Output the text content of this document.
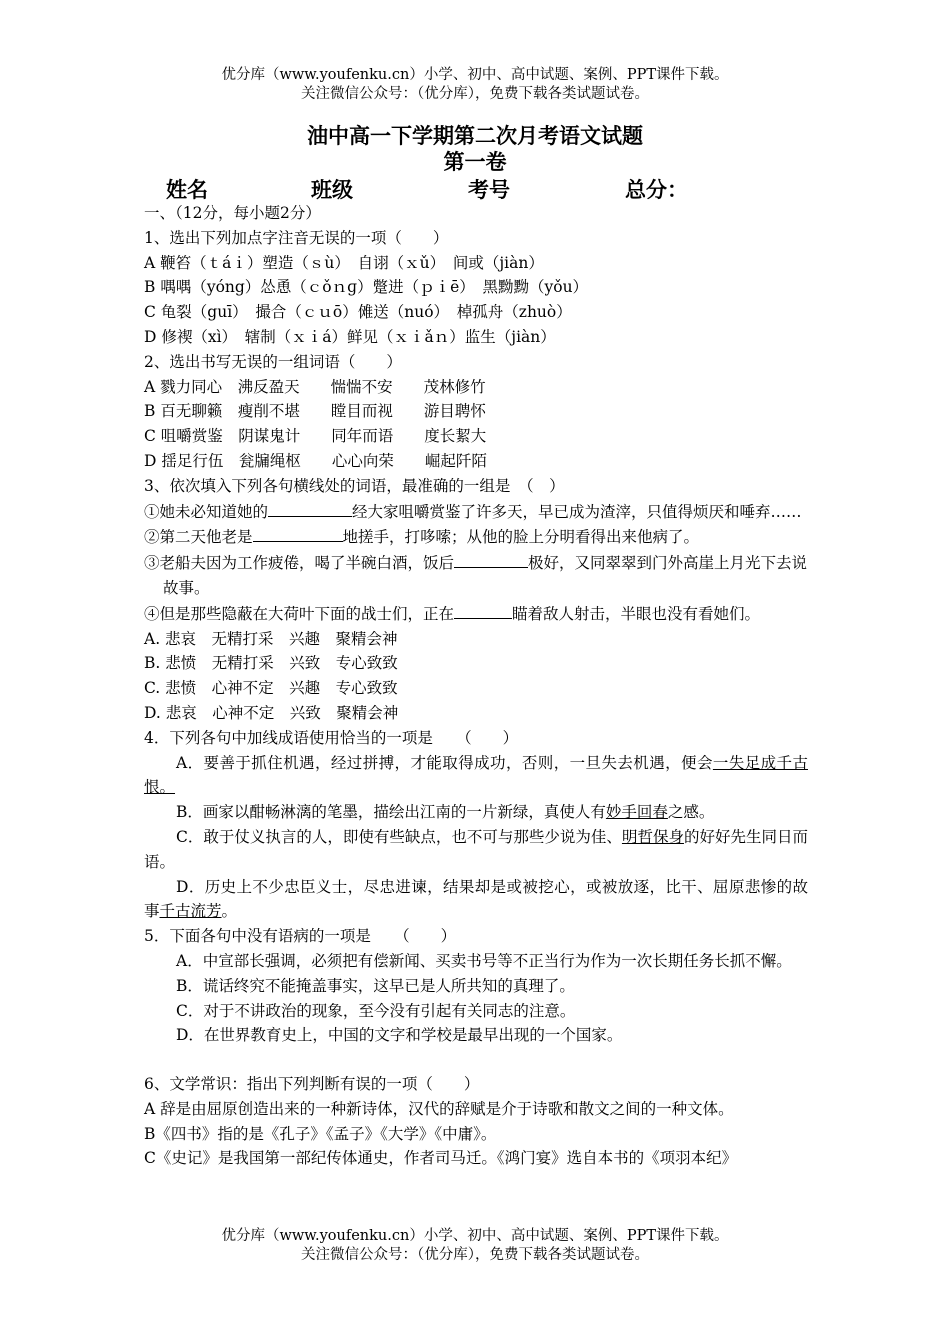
优分库（www.youfenku.cn）小学、初中、高中试题、案例、PPT课件下载。
关注微信公众号：（优分库），免费下载各类试题试卷。
油中高一下学期第二次月考语文试题
第一卷
姓名	班级	考号	总分：
一、（12分，每小题2分）
1、选出下列加点字注音无误的一项（　　）
A 鞭笞（ｔáｉ）塑造（ｓù）　自诩（ｘǔ）　间或（jiàn）
B 喁喁（yóng）怂恿（ｃǒｎɡ）蹩进（ｐｉē）　黑黝黝（yǒu）
C 龟裂（guī）　撮合（ｃｕō）傩送（nuó）　棹孤舟（zhuò）
D 修禊（xì）　辖制（ｘｉá）鲜见（ｘｉǎｎ）监生（jiàn）
2、选出书写无误的一组词语（　　）
A 戮力同心　沸反盈天　　惴惴不安　　茂林修竹
B 百无聊籁　瘦削不堪　　瞠目而视　　游目聘怀
C 咀嚼赏鉴　阴谋鬼计　　同年而语　　度长絜大
D 揺足行伍　瓮牖绳枢　　心心向荣　　崛起阡陌
3、依次填入下列各句横线处的词语，最准确的一组是　（　）
①她未必知道她的	经大家咀嚼赏鉴了许多天，早已成为渣滓，只值得烦厌和唾弃……
②第二天他老是	地搓手，打哆嗦；从他的脸上分明看得出来他病了。
③老船夫因为工作疲倦，喝了半碗白酒，饭后	极好，又同翠翠到门外高崖上月光下去说故事。
④但是那些隐蔽在大荷叶下面的战士们，正在	瞄着敌人射击，半眼也没有看她们。
A. 悲哀　无精打采　兴趣　聚精会神
B. 悲愤　无精打采　兴致　专心致致
C. 悲愤　心神不定　兴趣　专心致致
D. 悲哀　心神不定　兴致　聚精会神
4．下列各句中加线成语使用恰当的一项是　　（　　）
A．要善于抓住机遇，经过拼搏，才能取得成功，否则，一旦失去机遇，便会一失足成千古恨。
B．画家以酣畅淋漓的笔墨，描绘出江南的一片新绿，真使人有妙手回春之感。
C．敢于仗义执言的人，即使有些缺点，也不可与那些少说为佳、明哲保身的好好先生同日而语。
D．历史上不少忠臣义士，尽忠进谏，结果却是或被挖心，或被放逐，比干、屈原悲惨的故事千古流芳。
5．下面各句中没有语病的一项是　　（　　）
A．中宣部长强调，必须把有偿新闻、买卖书号等不正当行为作为一次长期任务长抓不懈。
B．谎话终究不能掩盖事实，这早已是人所共知的真理了。
C．对于不讲政治的现象，至今没有引起有关同志的注意。
D．在世界教育史上，中国的文字和学校是最早出现的一个国家。
6、文学常识：指出下列判断有误的一项（　　）
A 辞是由屈原创造出来的一种新诗体，汉代的辞赋是介于诗歌和散文之间的一种文体。
B《四书》指的是《孔子》《孟子》《大学》《中庸》。
C《史记》是我国第一部纪传体通史，作者司马迁。《鸿门宴》选自本书的《项羽本纪》
优分库（www.youfenku.cn）小学、初中、高中试题、案例、PPT课件下载。
关注微信公众号：（优分库），免费下载各类试题试卷。
